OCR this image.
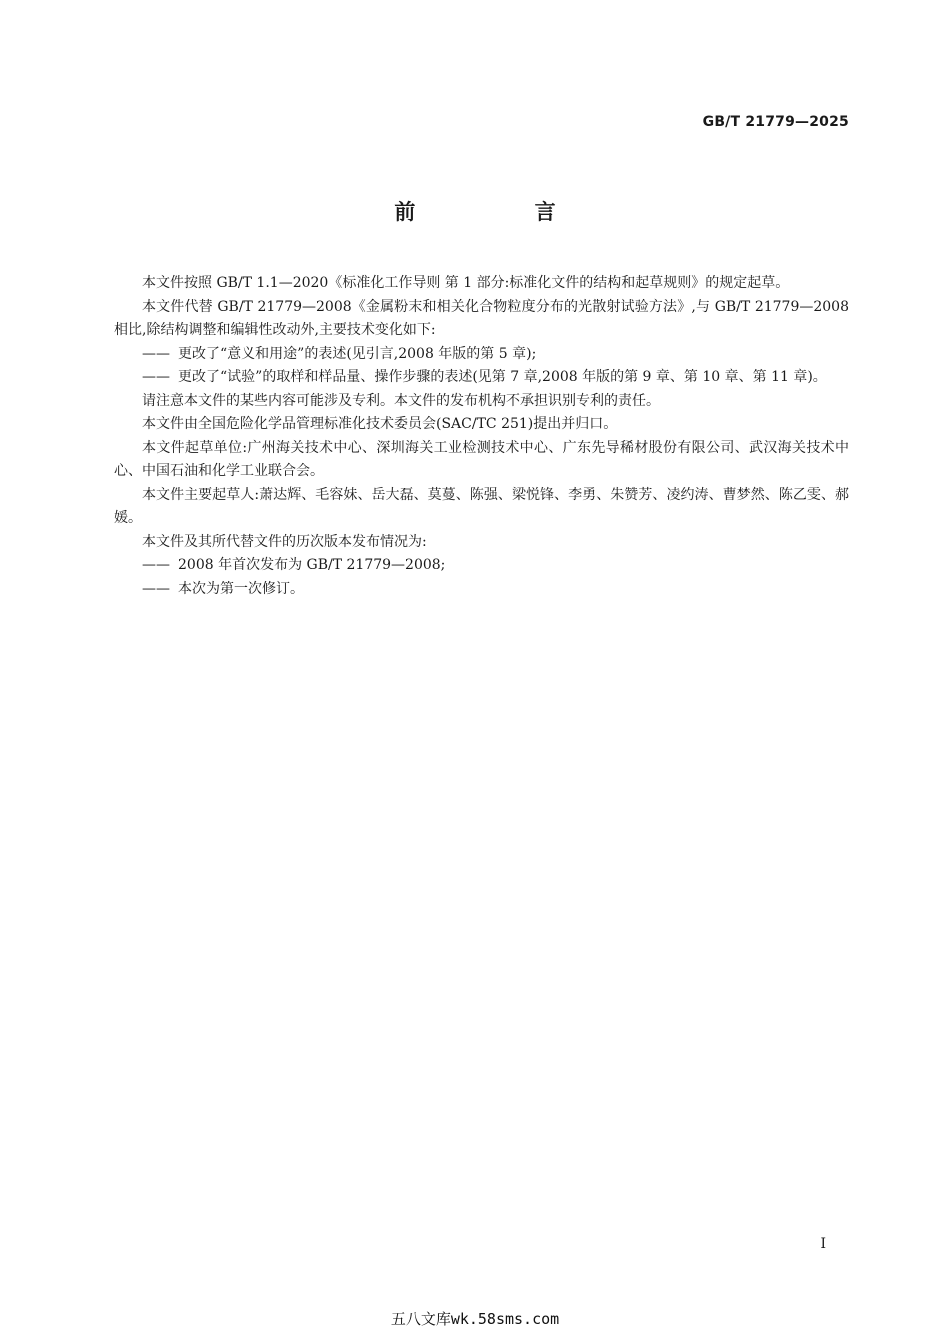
GB/T 21779—2025
前 言

本文件按照 GB/T 1.1—2020《标准化工作导则 第 1 部分:标准化文件的结构和起草规则》的规定起草。

本文件代替 GB/T 21779—2008《金属粉末和相关化合物粒度分布的光散射试验方法》,与 GB/T 21779—2008 相比,除结构调整和编辑性改动外,主要技术变化如下:

—— 更改了“意义和用途”的表述(见引言,2008 年版的第 5 章);
—— 更改了“试验”的取样和样品量、操作步骤的表述(见第 7 章,2008 年版的第 9 章、第 10 章、第 11 章)。

请注意本文件的某些内容可能涉及专利。本文件的发布机构不承担识别专利的责任。

本文件由全国危险化学品管理标准化技术委员会(SAC/TC 251)提出并归口。

本文件起草单位:广州海关技术中心、深圳海关工业检测技术中心、广东先导稀材股份有限公司、武汉海关技术中心、中国石油和化学工业联合会。

本文件主要起草人:萧达辉、毛容妹、岳大磊、莫蔓、陈强、梁悦锋、李勇、朱赞芳、凌约涛、曹梦然、陈乙雯、郝媛。

本文件及其所代替文件的历次版本发布情况为:

—— 2008 年首次发布为 GB/T 21779—2008;
—— 本次为第一次修订。
I
五八文库wk.58sms.com
